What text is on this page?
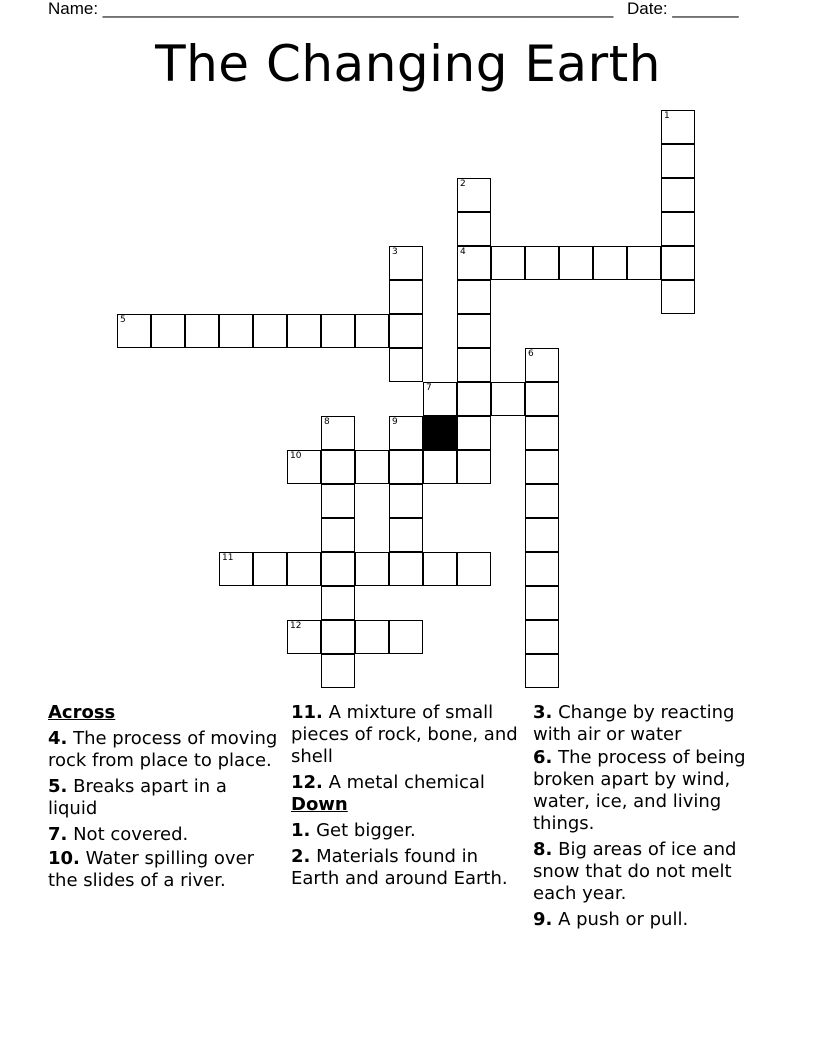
Name: ______________________________________________________ Date: _______
The Changing Earth
1
2
3	4
5
6
7
8	9
10
11
12
Across
4. The process of moving rock from place to place.
5. Breaks apart in a liquid
7. Not covered.
10. Water spilling over the slides of a river.
11. A mixture of small pieces of rock, bone, and shell
12. A metal chemical
Down
1. Get bigger.
2. Materials found in Earth and around Earth.
3. Change by reacting with air or water
6. The process of being broken apart by wind, water, ice, and living things.
8. Big areas of ice and snow that do not melt each year.
9. A push or pull.
